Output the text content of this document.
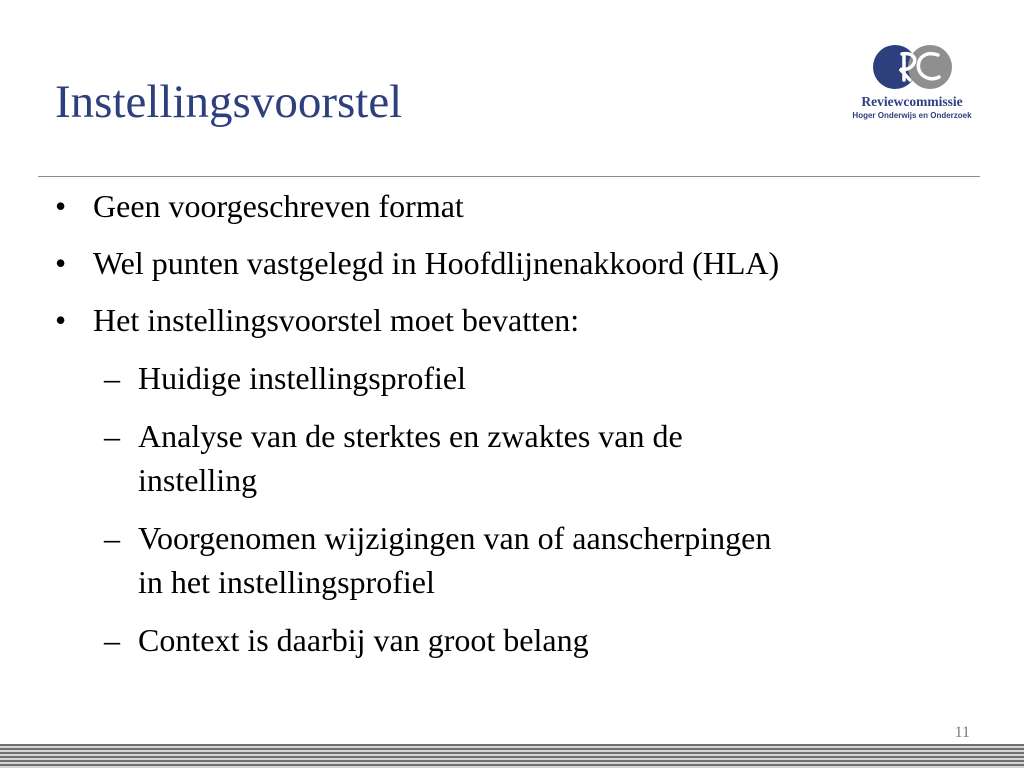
Instellingsvoorstel	Reviewcommissie
Hoger Onderwijs en Onderzoek
• Geen voorgeschreven format
• Wel punten vastgelegd in Hoofdlijnenakkoord (HLA)
• Het instellingsvoorstel moet bevatten:
– Huidige instellingsprofiel
– Analyse van de sterktes en zwaktes van de
instelling
– Voorgenomen wijzigingen van of aanscherpingen
in het instellingsprofiel
– Context is daarbij van groot belang
11
